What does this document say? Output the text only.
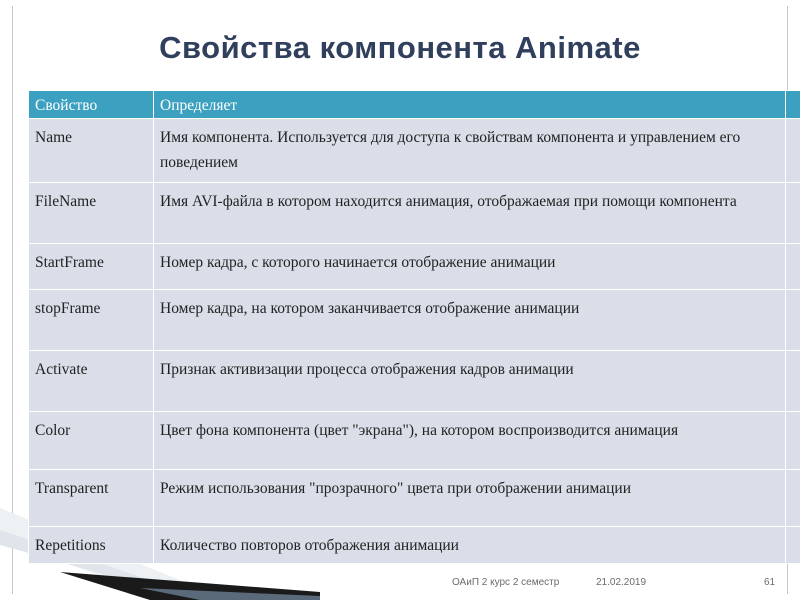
Свойства компонента Animate
Свойство	Определяет	
Name	Имя компонента. Используется для доступа к свойствам компонента и управлением его поведением	
FileName	Имя AVI-файла в котором находится анимация, отображаемая при помощи компонента	
StartFrame	Номер кадра, с которого начинается отображение анимации	
stopFrame	Номер кадра, на котором заканчивается отображение анимации	
Activate	Признак активизации процесса отображения кадров анимации	
Color	Цвет фона компонента (цвет "экрана"), на котором воспроизводится анимация	
Transparent	Режим использования "прозрачного" цвета при отображении анимации	
Repetitions	Количество повторов отображения анимации	
ОАиП 2 курс 2 семестр	21.02.2019	61
